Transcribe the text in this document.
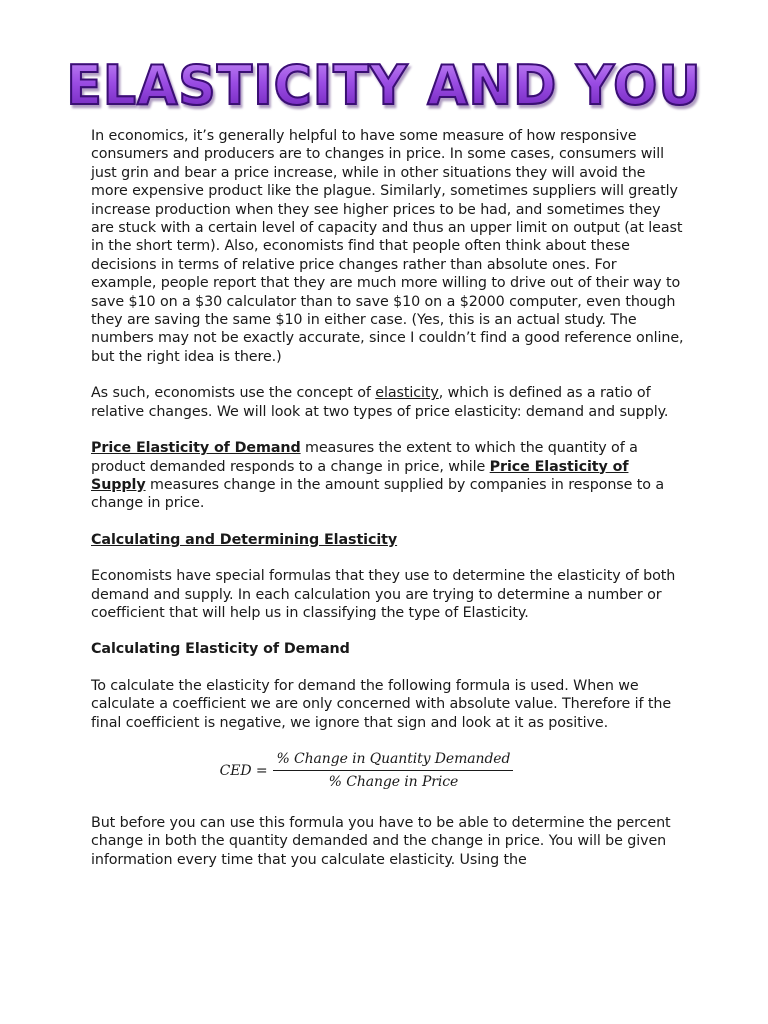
ELASTICITY AND YOU

In economics, it’s generally helpful to have some measure of how responsive consumers and producers are to changes in price. In some cases, consumers will just grin and bear a price increase, while in other situations they will avoid the more expensive product like the plague. Similarly, sometimes suppliers will greatly increase production when they see higher prices to be had, and sometimes they are stuck with a certain level of capacity and thus an upper limit on output (at least in the short term). Also, economists find that people often think about these decisions in terms of relative price changes rather than absolute ones. For example, people report that they are much more willing to drive out of their way to save $10 on a $30 calculator than to save $10 on a $2000 computer, even though they are saving the same $10 in either case. (Yes, this is an actual study. The numbers may not be exactly accurate, since I couldn’t find a good reference online, but the right idea is there.)

As such, economists use the concept of elasticity, which is defined as a ratio of relative changes. We will look at two types of price elasticity: demand and supply.

Price Elasticity of Demand measures the extent to which the quantity of a product demanded responds to a change in price, while Price Elasticity of Supply measures change in the amount supplied by companies in response to a change in price.

Calculating and Determining Elasticity

Economists have special formulas that they use to determine the elasticity of both demand and supply. In each calculation you are trying to determine a number or coefficient that will help us in classifying the type of Elasticity.

Calculating Elasticity of Demand

To calculate the elasticity for demand the following formula is used. When we calculate a coefficient we are only concerned with absolute value. Therefore if the final coefficient is negative, we ignore that sign and look at it as positive.

CED = $\frac{\text{\% Change in Quantity Demanded}}{\text{\% Change in Price}}$

But before you can use this formula you have to be able to determine the percent change in both the quantity demanded and the change in price. You will be given information every time that you calculate elasticity. Using the
